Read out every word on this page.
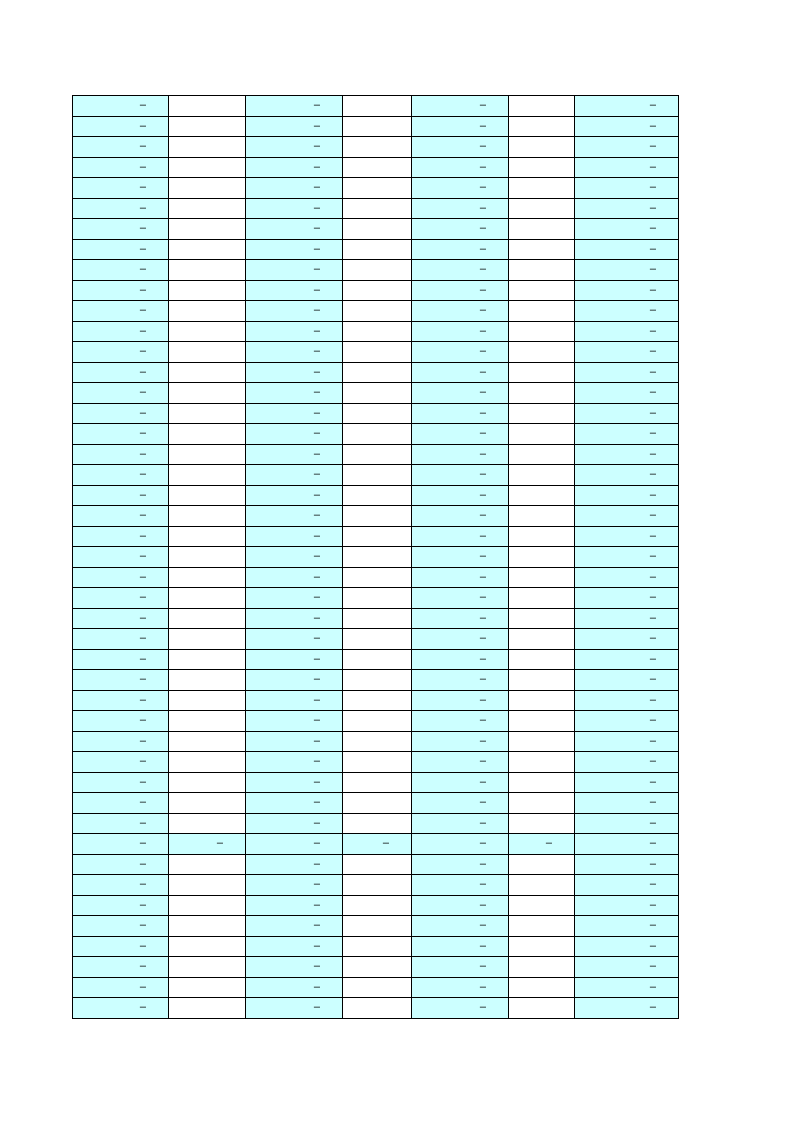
–		–		–		–
–		–		–		–
–		–		–		–
–		–		–		–
–		–		–		–
–		–		–		–
–		–		–		–
–		–		–		–
–		–		–		–
–		–		–		–
–		–		–		–
–		–		–		–
–		–		–		–
–		–		–		–
–		–		–		–
–		–		–		–
–		–		–		–
–		–		–		–
–		–		–		–
–		–		–		–
–		–		–		–
–		–		–		–
–		–		–		–
–		–		–		–
–		–		–		–
–		–		–		–
–		–		–		–
–		–		–		–
–		–		–		–
–		–		–		–
–		–		–		–
–		–		–		–
–		–		–		–
–		–		–		–
–		–		–		–
–		–		–		–
–	–	–	–	–	–	–
–		–		–		–
–		–		–		–
–		–		–		–
–		–		–		–
–		–		–		–
–		–		–		–
–		–		–		–
–		–		–		–
